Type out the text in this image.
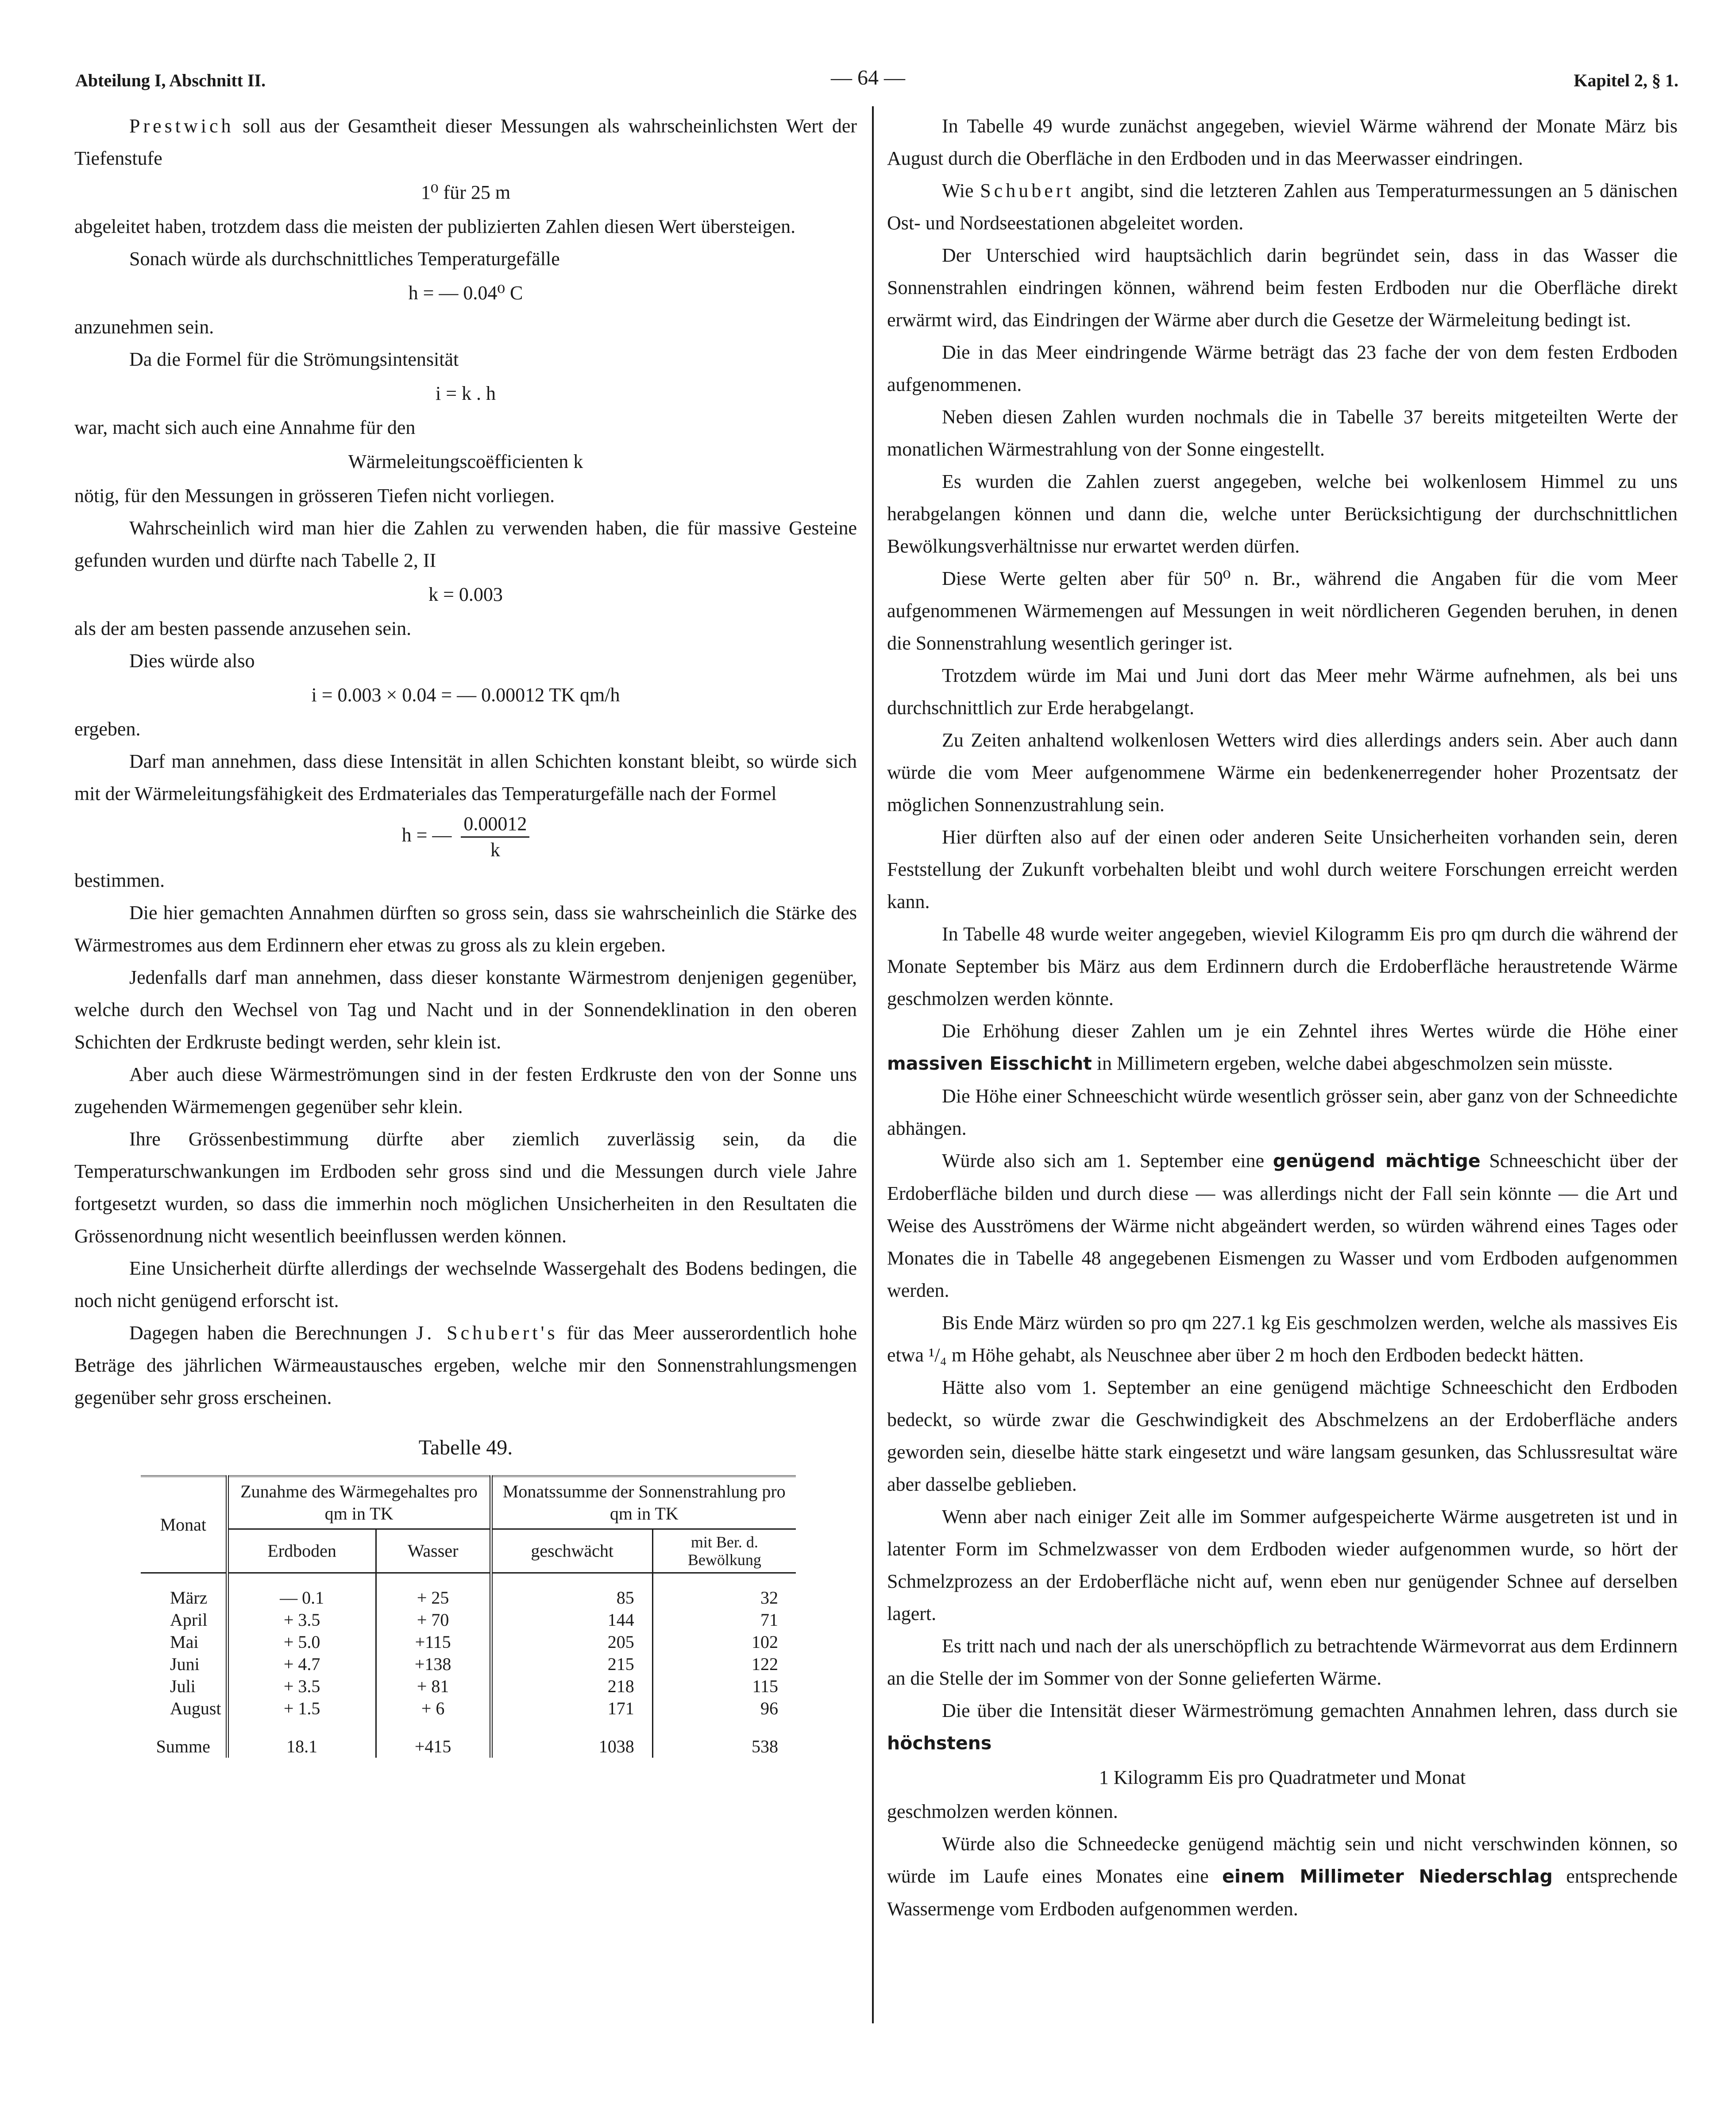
Abteilung I, Abschnitt II.	— 64 —	Kapitel 2, § 1.

Prestwich soll aus der Gesamtheit dieser Messungen als wahrscheinlichsten Wert der Tiefenstufe

1⁰ für 25 m

abgeleitet haben, trotzdem dass die meisten der publizierten Zahlen diesen Wert übersteigen.

Sonach würde als durchschnittliches Temperaturgefälle

h = — 0.04⁰ C

anzunehmen sein.

Da die Formel für die Strömungsintensität

i = k . h

war, macht sich auch eine Annahme für den

Wärmeleitungscoëfficienten k

nötig, für den Messungen in grösseren Tiefen nicht vorliegen.

Wahrscheinlich wird man hier die Zahlen zu verwenden haben, die für massive Gesteine gefunden wurden und dürfte nach Tabelle 2, II

k = 0.003

als der am besten passende anzusehen sein.

Dies würde also

i = 0.003 × 0.04 = — 0.00012 TK qm/h

ergeben.

Darf man annehmen, dass diese Intensität in allen Schichten konstant bleibt, so würde sich mit der Wärmeleitungsfähigkeit des Erdmateriales das Temperaturgefälle nach der Formel

h = — $\frac{0.00012}{k}$

bestimmen.

Die hier gemachten Annahmen dürften so gross sein, dass sie wahrscheinlich die Stärke des Wärmestromes aus dem Erdinnern eher etwas zu gross als zu klein ergeben.

Jedenfalls darf man annehmen, dass dieser konstante Wärmestrom denjenigen gegenüber, welche durch den Wechsel von Tag und Nacht und in der Sonnendeklination in den oberen Schichten der Erdkruste bedingt werden, sehr klein ist.

Aber auch diese Wärmeströmungen sind in der festen Erdkruste den von der Sonne uns zugehenden Wärmemengen gegenüber sehr klein.

Ihre Grössenbestimmung dürfte aber ziemlich zuverlässig sein, da die Temperaturschwankungen im Erdboden sehr gross sind und die Messungen durch viele Jahre fortgesetzt wurden, so dass die immerhin noch möglichen Unsicherheiten in den Resultaten die Grössenordnung nicht wesentlich beeinflussen werden können.

Eine Unsicherheit dürfte allerdings der wechselnde Wassergehalt des Bodens bedingen, die noch nicht genügend erforscht ist.

Dagegen haben die Berechnungen J. Schubert's für das Meer ausserordentlich hohe Beträge des jährlichen Wärmeaustausches ergeben, welche mir den Sonnenstrahlungsmengen gegenüber sehr gross erscheinen.

Tabelle 49.
Monat	Zunahme des Wärmegehaltes pro qm in TK		Monatssumme der Sonnenstrahlung pro qm in TK	
	Erdboden	Wasser	geschwächt	mit Ber. d.
Bewölkung

März	— 0.1	+ 25	85	32
April	+ 3.5	+ 70	144	71
Mai	+ 5.0	+115	205	102
Juni	+ 4.7	+138	215	122
Juli	+ 3.5	+ 81	218	115
August	+ 1.5	+ 6	171	96
Summe	18.1	+415	1038	538

In Tabelle 49 wurde zunächst angegeben, wieviel Wärme während der Monate März bis August durch die Oberfläche in den Erdboden und in das Meerwasser eindringen.

Wie Schubert angibt, sind die letzteren Zahlen aus Temperaturmessungen an 5 dänischen Ost- und Nordseestationen abgeleitet worden.

Der Unterschied wird hauptsächlich darin begründet sein, dass in das Wasser die Sonnenstrahlen eindringen können, während beim festen Erdboden nur die Oberfläche direkt erwärmt wird, das Eindringen der Wärme aber durch die Gesetze der Wärmeleitung bedingt ist.

Die in das Meer eindringende Wärme beträgt das 23 fache der von dem festen Erdboden aufgenommenen.

Neben diesen Zahlen wurden nochmals die in Tabelle 37 bereits mitgeteilten Werte der monatlichen Wärmestrahlung von der Sonne eingestellt.

Es wurden die Zahlen zuerst angegeben, welche bei wolkenlosem Himmel zu uns herabgelangen können und dann die, welche unter Berücksichtigung der durchschnittlichen Bewölkungsverhältnisse nur erwartet werden dürfen.

Diese Werte gelten aber für 50⁰ n. Br., während die Angaben für die vom Meer aufgenommenen Wärmemengen auf Messungen in weit nördlicheren Gegenden beruhen, in denen die Sonnenstrahlung wesentlich geringer ist.

Trotzdem würde im Mai und Juni dort das Meer mehr Wärme aufnehmen, als bei uns durchschnittlich zur Erde herabgelangt.

Zu Zeiten anhaltend wolkenlosen Wetters wird dies allerdings anders sein. Aber auch dann würde die vom Meer aufgenommene Wärme ein bedenkenerregender hoher Prozentsatz der möglichen Sonnenzustrahlung sein.

Hier dürften also auf der einen oder anderen Seite Unsicherheiten vorhanden sein, deren Feststellung der Zukunft vorbehalten bleibt und wohl durch weitere Forschungen erreicht werden kann.

In Tabelle 48 wurde weiter angegeben, wieviel Kilogramm Eis pro qm durch die während der Monate September bis März aus dem Erdinnern durch die Erdoberfläche heraustretende Wärme geschmolzen werden könnte.

Die Erhöhung dieser Zahlen um je ein Zehntel ihres Wertes würde die Höhe einer massiven Eisschicht in Millimetern ergeben, welche dabei abgeschmolzen sein müsste.

Die Höhe einer Schneeschicht würde wesentlich grösser sein, aber ganz von der Schneedichte abhängen.

Würde also sich am 1. September eine genügend mächtige Schneeschicht über der Erdoberfläche bilden und durch diese — was allerdings nicht der Fall sein könnte — die Art und Weise des Ausströmens der Wärme nicht abgeändert werden, so würden während eines Tages oder Monates die in Tabelle 48 angegebenen Eismengen zu Wasser und vom Erdboden aufgenommen werden.

Bis Ende März würden so pro qm 227.1 kg Eis geschmolzen werden, welche als massives Eis etwa ¹/₄ m Höhe gehabt, als Neuschnee aber über 2 m hoch den Erdboden bedeckt hätten.

Hätte also vom 1. September an eine genügend mächtige Schneeschicht den Erdboden bedeckt, so würde zwar die Geschwindigkeit des Abschmelzens an der Erdoberfläche anders geworden sein, dieselbe hätte stark eingesetzt und wäre langsam gesunken, das Schlussresultat wäre aber dasselbe geblieben.

Wenn aber nach einiger Zeit alle im Sommer aufgespeicherte Wärme ausgetreten ist und in latenter Form im Schmelzwasser von dem Erdboden wieder aufgenommen wurde, so hört der Schmelzprozess an der Erdoberfläche nicht auf, wenn eben nur genügender Schnee auf derselben lagert.

Es tritt nach und nach der als unerschöpflich zu betrachtende Wärmevorrat aus dem Erdinnern an die Stelle der im Sommer von der Sonne gelieferten Wärme.

Die über die Intensität dieser Wärmeströmung gemachten Annahmen lehren, dass durch sie höchstens

1 Kilogramm Eis pro Quadratmeter und Monat

geschmolzen werden können.

Würde also die Schneedecke genügend mächtig sein und nicht verschwinden können, so würde im Laufe eines Monates eine einem Millimeter Niederschlag entsprechende Wassermenge vom Erdboden aufgenommen werden.
